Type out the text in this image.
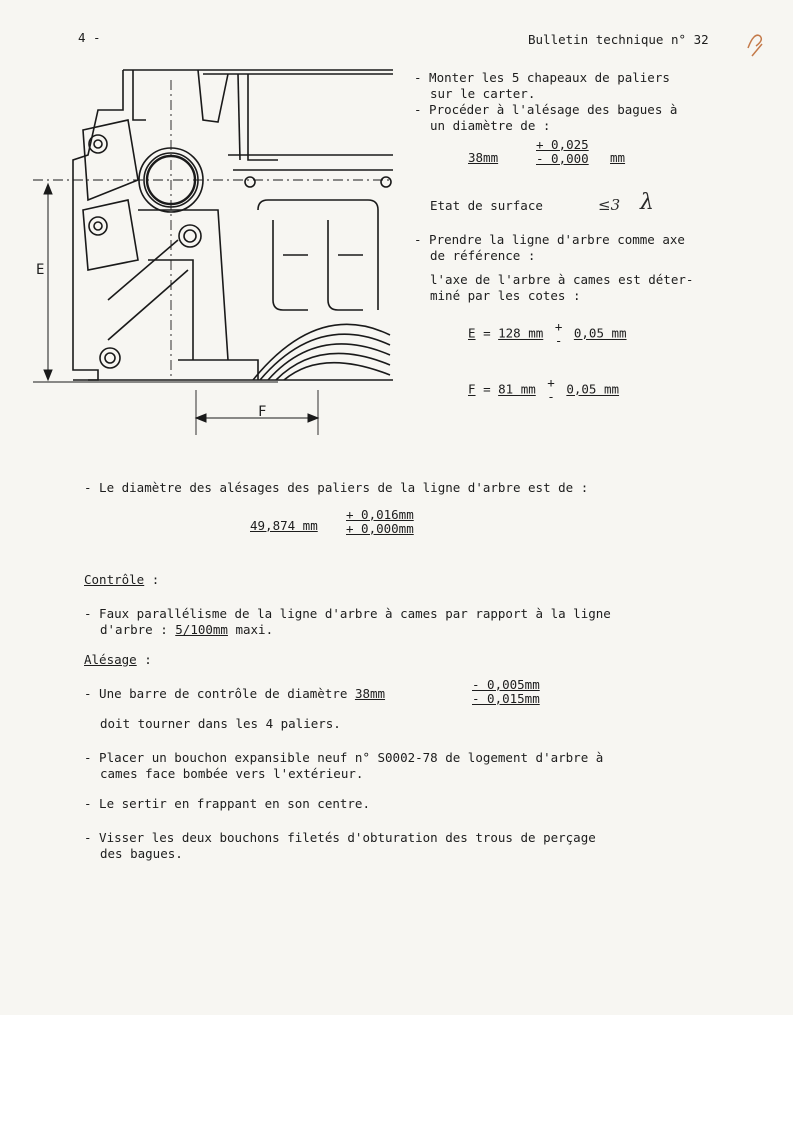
4 -	Bulletin technique n° 32
E
F
- Monter les 5 chapeaux de paliers
sur le carter.
- Procéder à l'alésage des bagues à
un diamètre de :
38mm	$\frac{+ 0,025}{- 0,000}$ mm
Etat de surface	≤3 λ
- Prendre la ligne d'arbre comme axe
de référence :
l'axe de l'arbre à cames est déter-
miné par les cotes :
E = 128 mm +
- 0,05 mm
F = 81 mm +
- 0,05 mm
- Le diamètre des alésages des paliers de la ligne d'arbre est de :
49,874 mm $\frac{+ 0,016mm}{+ 0,000mm}$
Contrôle :
- Faux parallélisme de la ligne d'arbre à cames par rapport à la ligne
d'arbre : 5/100mm maxi.
Alésage :
- Une barre de contrôle de diamètre 38mm	$\frac{- 0,005mm}{- 0,015mm}$
doit tourner dans les 4 paliers.
- Placer un bouchon expansible neuf n° S0002-78 de logement d'arbre à
cames face bombée vers l'extérieur.
- Le sertir en frappant en son centre.
- Visser les deux bouchons filetés d'obturation des trous de perçage
des bagues.
